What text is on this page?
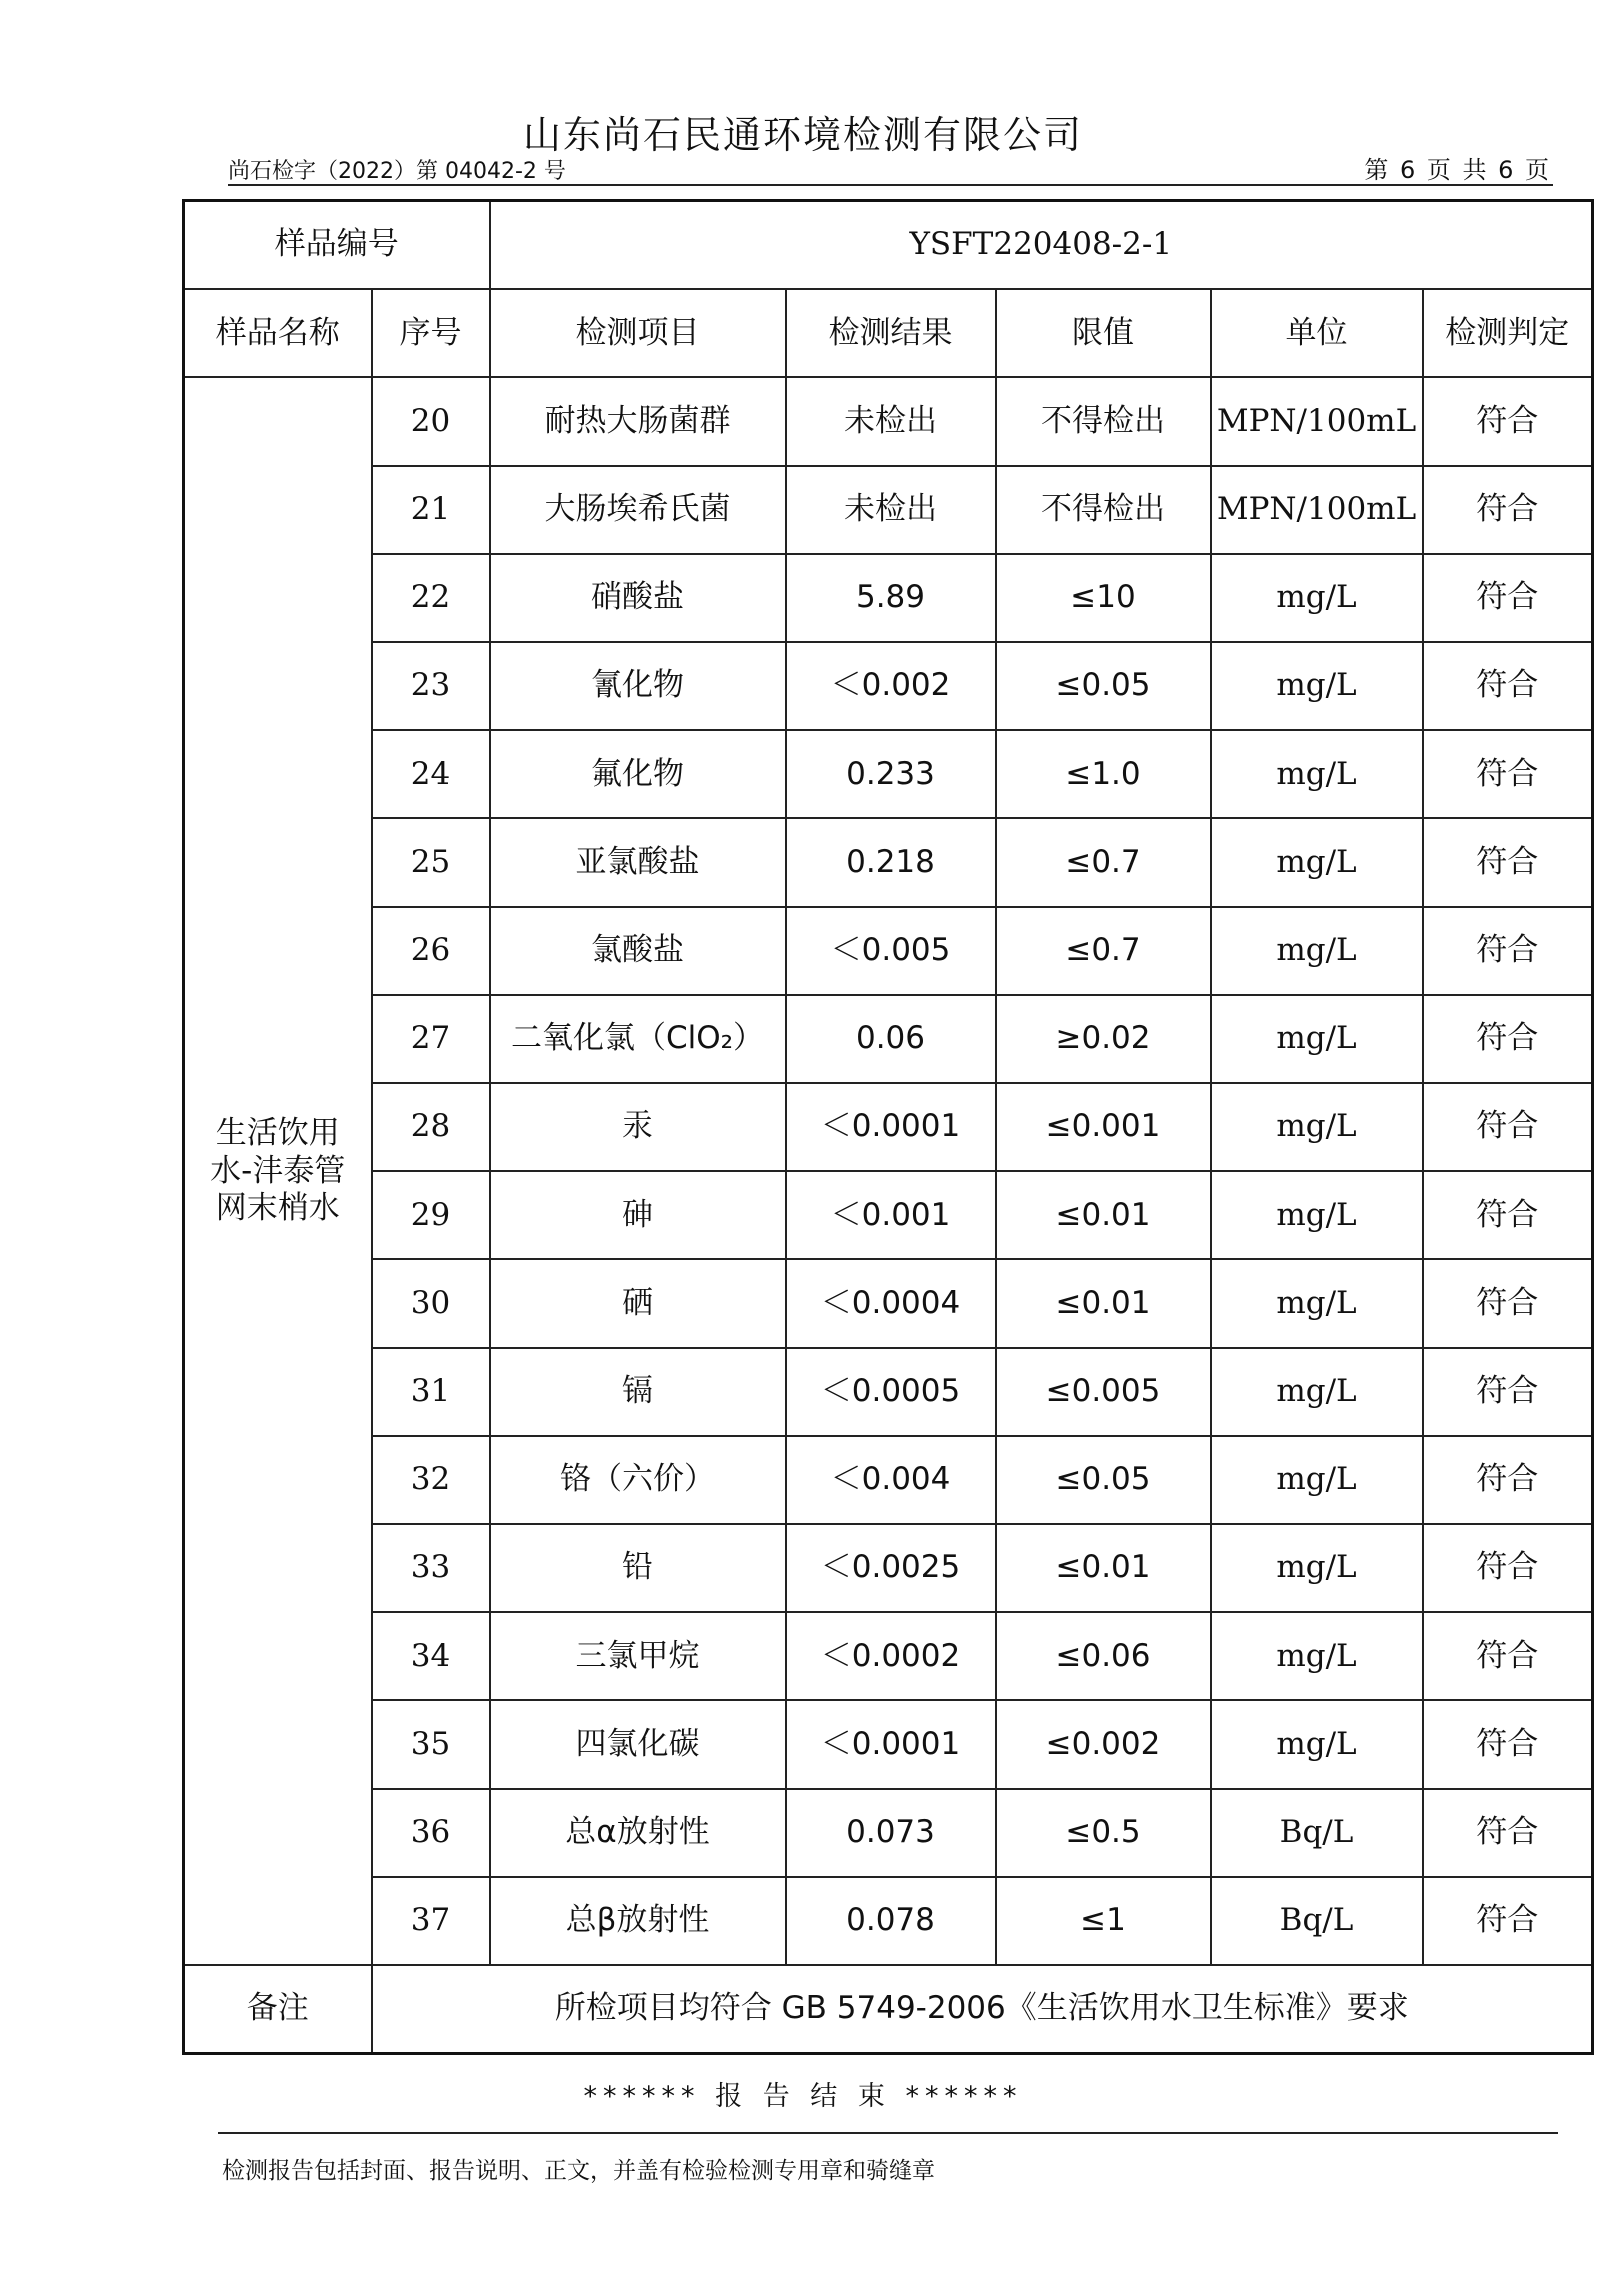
山东尚石民通环境检测有限公司
尚石检字（2022）第 04042-2 号	第 6 页 共 6 页
样品编号		YSFT220408-2-1				
样品名称	序号	检测项目	检测结果	限值	单位	检测判定
生活饮用
水-沣泰管
网末梢水	20	耐热大肠菌群	未检出	不得检出	MPN/100mL	符合
	21	大肠埃希氏菌	未检出	不得检出	MPN/100mL	符合
	22	硝酸盐	5.89	≤10	mg/L	符合
	23	氰化物	＜0.002	≤0.05	mg/L	符合
	24	氟化物	0.233	≤1.0	mg/L	符合
	25	亚氯酸盐	0.218	≤0.7	mg/L	符合
	26	氯酸盐	＜0.005	≤0.7	mg/L	符合
	27	二氧化氯（ClO₂）	0.06	≥0.02	mg/L	符合
	28	汞	＜0.0001	≤0.001	mg/L	符合
	29	砷	＜0.001	≤0.01	mg/L	符合
	30	硒	＜0.0004	≤0.01	mg/L	符合
	31	镉	＜0.0005	≤0.005	mg/L	符合
	32	铬（六价）	＜0.004	≤0.05	mg/L	符合
	33	铅	＜0.0025	≤0.01	mg/L	符合
	34	三氯甲烷	＜0.0002	≤0.06	mg/L	符合
	35	四氯化碳	＜0.0001	≤0.002	mg/L	符合
	36	总α放射性	0.073	≤0.5	Bq/L	符合
	37	总β放射性	0.078	≤1	Bq/L	符合
备注	所检项目均符合 GB 5749-2006《生活饮用水卫生标准》要求					
****** 报 告 结 束 ******
检测报告包括封面、报告说明、正文，并盖有检验检测专用章和骑缝章
